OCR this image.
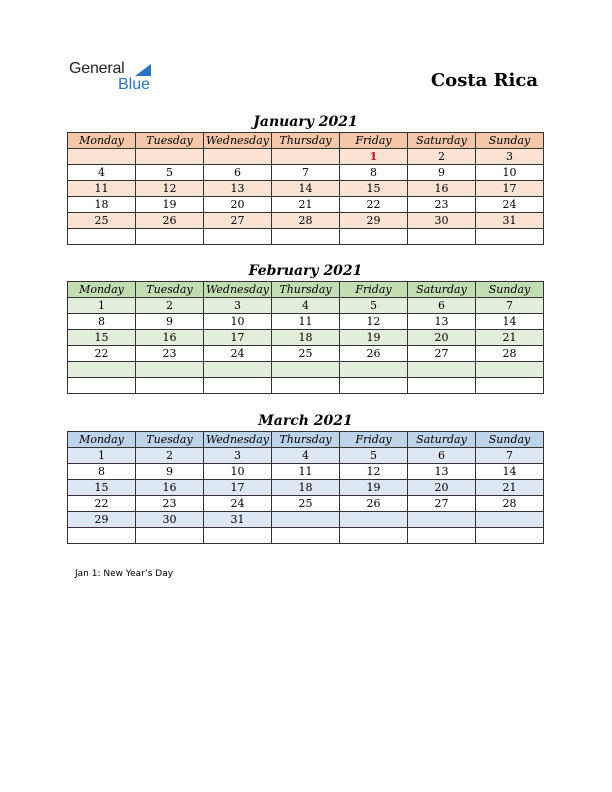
General
Blue	Costa Rica
January 2021
Monday	Tuesday	Wednesday	Thursday	Friday	Saturday	Sunday
				1	2	3
4	5	6	7	8	9	10
11	12	13	14	15	16	17
18	19	20	21	22	23	24
25	26	27	28	29	30	31

February 2021
Monday	Tuesday	Wednesday	Thursday	Friday	Saturday	Sunday
1	2	3	4	5	6	7
8	9	10	11	12	13	14
15	16	17	18	19	20	21
22	23	24	25	26	27	28

March 2021
Monday	Tuesday	Wednesday	Thursday	Friday	Saturday	Sunday
1	2	3	4	5	6	7
8	9	10	11	12	13	14
15	16	17	18	19	20	21
22	23	24	25	26	27	28
29	30	31				

Jan 1: New Year’s Day
